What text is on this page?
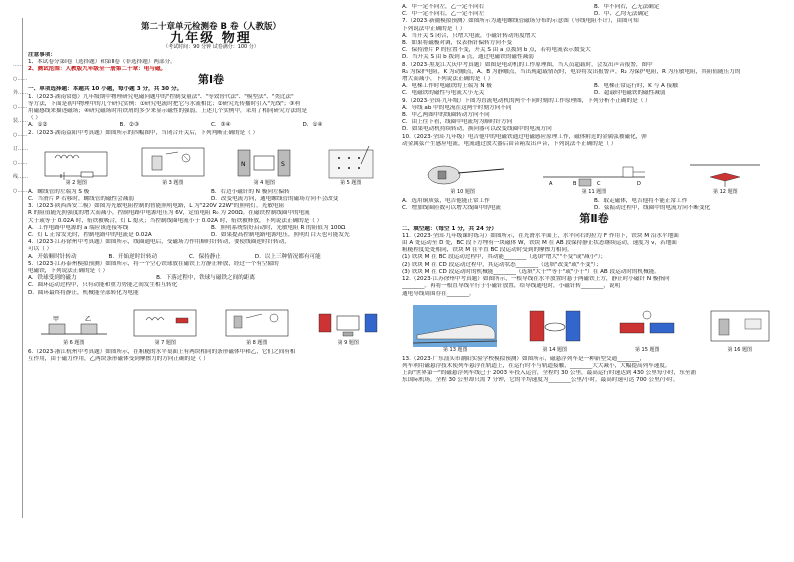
……○……外……○……装……○……订……○……线……○……
第二十章单元检测卷 B 卷（人教版）
九年级 物理
（考试时间：90 分钟 试卷满分：100 分）
注意事项：
1、本试卷分第Ⅰ卷（选择题）和第Ⅱ卷（非选择题）两部分。
2、测试范围：人教版九年级全一册第二十章：电与磁。
第Ⅰ卷
一、单项选择题：本题共 10 小题，每小题 3 分，共 30 分。
1.（2023·湖南常德）九年级期中物理研究电磁问题中的"控制变量法"、"等效替代法"、"模型法"、"类比法"
等方法，下面是初中物理中的几个研究实例：①研究电流时把它与水流相比；②研究光传播时引入"光线"；③利
用磁感线来描述磁场；④研究磁场时用铁屑的多少来显示磁性的强弱。上述几个实例中，采用了相同研究方法的是
（ ）
A．①②	B．②③	C．③④	D．①④
2.（2023·湖南益阳中考真题）如图所示的四幅图中，当闭合开关后，下列判断正确的是（ ）
第 2 题图	第 3 题图
N	S
第 4 题图	第 5 题图
A．螺线管的左端为 S 极	B．右边小磁针的 N 极向左偏转
C．当滑片 P 右移时，螺线管的磁性会减弱	D．改变电流方向，通电螺线管的磁场方向不会改变
3.（2023·陕西西安二模）如图为光敏电阻控制的智能照明电路，L 为"220V 22W"的照明灯，光敏电阻
R 的阻值随光照强度的增大而减小，控制电路中电源电压为 6V，定值电阻 R₀ 为 200Ω。在磁铁控制线圈中的电流
大于或等于 0.02A 时，衔铁被吸合，灯 L 熄灭；当控制线圈电流小于 0.02A 时，衔铁被释放，下列说法正确的是（ ）
A．工作电路中电源的 a 端应该连接零线	B．照明系统恰好启动时，光敏电阻 R 的阻值为 100Ω
C．灯 L 正常发光时，控制电路中的电流是 0.02A	D．如果提高控制电路电源电压，照明灯白天也可能发光
4.（2023·江苏徐州中考真题）如图所示，线圈通电后，受磁场力作用顺时针转动，要使线圈逆时针转动，
可以（ ）
A．开始顺时针转动	B．开始逆时针转动	C．保持静止	D．以上三种情况都有可能
5.（2023·江苏泰州模拟预测）如图所示，将一个空心铁球放在磁铁上方静止释放，经过一个有空隙的
电磁铁，下列说法正确的是（ ）
A．铁球受到的磁力	B．下落过程中，铁球与磁铁之间的距离
C．圆环运动过程中，只有动能和重力势能之间发生相互转化
D．圆环最终将静止，机械能全部转化为电能
甲	乙
第 6 题图	第 7 题图	第 8 题图	第 9 题图
6.（2023·浙江杭州中考真题）如图所示，在粗糙的水平桌面上有两块相同的条形磁体甲和乙，它们之间有相
互作用，由于磁力作用，乙两块条形磁体受到摩擦力的方向正确的是（ ）
A．甲一定不向左，乙一定不向右	B．甲不向右，乙无法确定
C．甲一定不向右，乙一定不向左	D．甲、乙均无法确定
7.（2023·新疆模拟预测）如图所示为通电螺线管磁场分布的示意图（导线电阻不计），由图可知
下列说法中正确的是（ ）
A．当开关 S 闭合，只增大电流，小磁针转动角度增大
B．如果将磁极对调，仪表指针偏转方向不变
C．保持滑片 P 的位置不变，开关 S 由 a 点拨到 b 点，若将电流表示数变大
D．当开关 S 由 b 拨到 a 点，通过电磁铁的磁性减弱
8.（2023·黑龙江大庆中考真题）如图是电动机的工作原理图，当人员超载时，会发出声音报警，图中
R₁ 为保护电阻，K 为动触点，A、B 为静触点，当出现超载情况时，电铃将发出报警声，R₂ 为保护电阻，R 为压敏电阻，其阻值随压力的
增大而减小，下列说法正确的是（ ）
A．电梯工作时电磁铁的上端为 N 极	B．电梯正常运行时，K 与 A 接触
C．电磁铁的磁性与电流大小无关	D．超载时电磁铁的磁性减弱
9.（2023·全国·九年级）下图为直流电动机的两个不同时刻的工作原理图，下列分析不正确的是（ ）
A．导线 ab 中的电流在这两个时刻方向不同
B．甲乙两图中的线圈转动方向不同
C．由上往下看，线圈中电流均为顺时针方向
D．如果电动机持续转动，换向器可以改变线圈中的电流方向
10.（2023·全国·九年级）电吉他中的电磁铁通过电磁感应原理工作，磁体附近的金属弦被磁化，弹
动金属弦产生感应电流，电流通过放大器后由音箱发出声音，下列说法不正确的是（ ）
第 10 题图
A	B	C	D
第 11 题图	第 12 题图
A．选用铜质弦，电吉他能正常工作	B．取走磁体，电吉他将不能正常工作
C．增加线圈匝数可以增大线圈中的电流	D．弦振动过程中，线圈中的电流方向不断变化
第Ⅱ卷
二、填空题：（每空 1 分，共 24 分）
11.（2023·全国·九年级课时练习）如图所示，在光滑水平面上，水平向右的拉力 F 作用下，铁块 M 沿水平地面
由 A 处运动至 D 处，BC 段下方埋有一块磁体 W，铁块 M 在 AB 段保持静止状态继续运动，速度为 v，若地面
粗糙程度处处相同，铁块 M 在平直 BC 段运动时受到的摩擦力相同。
(1) 铁块 M 在 BC 段运动过程中，其动能________（选填"增大""不变"或"减小"）；
(2) 铁块 M 在 CD 段运动过程中，其运动状态________（选填"改变"或"不变"）；
(3) 铁块 M 在 CD 段运动时的机械能________（选填"大于""等于"或"小于"）在 AB 段运动时的机械能。
12.（2023·江苏徐州中考真题）如图所示，一根导线在水平放置时悬于两磁铁上方，静止时小磁针 N 极指向
________。再将一根直导线平行于小磁针放置，给导线通电时，小磁针转________，说明
通电导线周围存在________。
第 13 题图	第 14 题图	第 15 题图	第 16 题图
13.（2023·广东汕头市潮阳实验学校模拟预测）如图所示，磁悬浮列车是一种新型交通________，
列车利用磁悬浮技术使列车悬浮在轨道上，在运行时不与轨道接触，________大大减小，大幅提高列车速度。
上海"世界第一"的磁悬浮列车线已于 2003 年投入运营，全程约 30 公里，最高运行时速达到 430 公里每小时，东至浦
东国际机场。全程 30 公里却只需 7 分钟，它的平均速度为________公里/小时，最高时速可达 700 公里/小时。
